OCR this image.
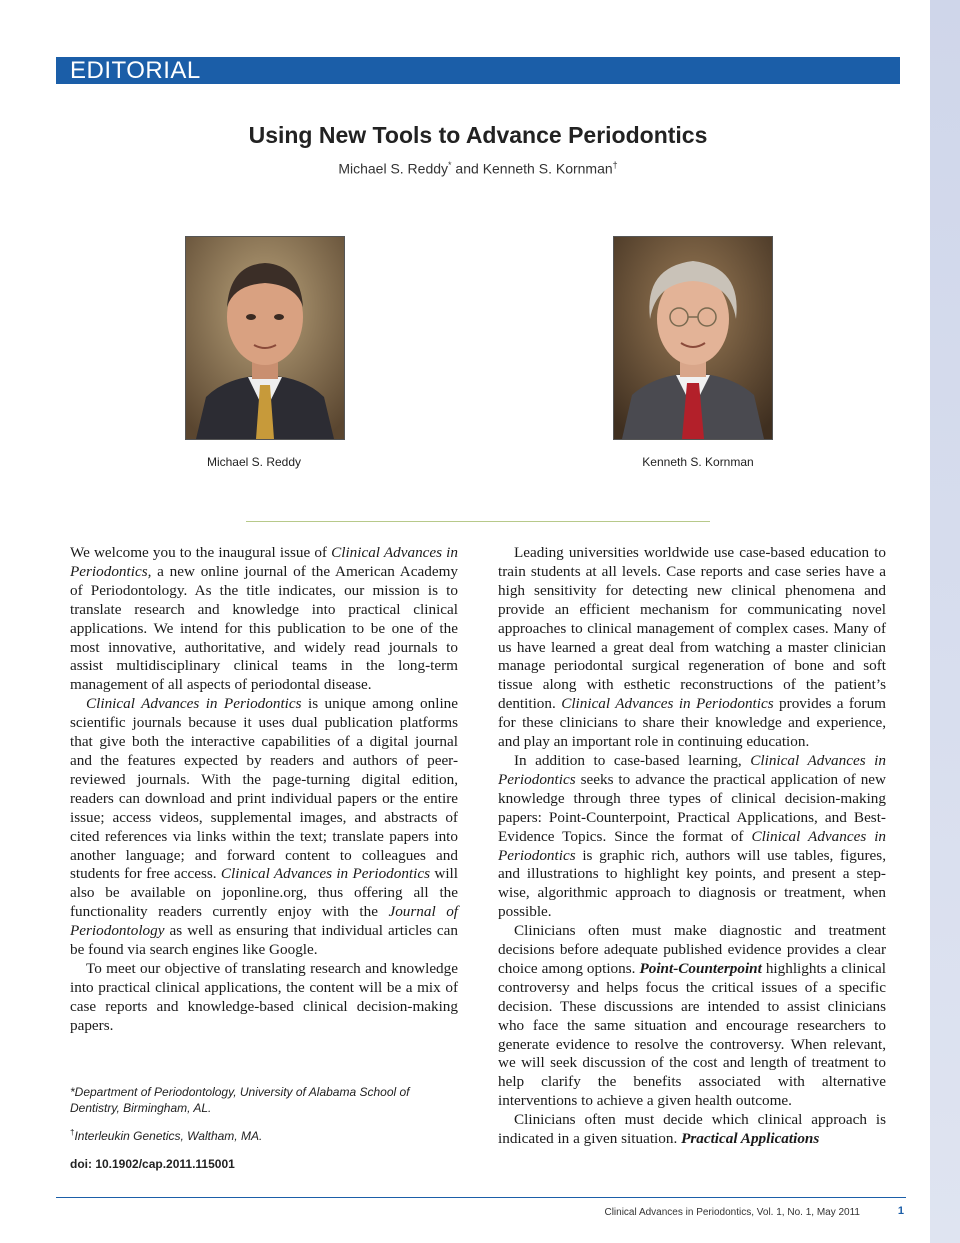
EDITORIAL
Using New Tools to Advance Periodontics
Michael S. Reddy* and Kenneth S. Kornman†
Michael S. Reddy	Kenneth S. Kornman

We welcome you to the inaugural issue of Clinical Advances in Periodontics, a new online journal of the American Academy of Periodontology. As the title indicates, our mission is to translate research and knowledge into practical clinical applications. We intend for this publication to be one of the most innovative, authoritative, and widely read journals to assist multidisciplinary clinical teams in the long-term management of all aspects of periodontal disease.

Clinical Advances in Periodontics is unique among online scientific journals because it uses dual publication platforms that give both the interactive capabilities of a digital journal and the features expected by readers and authors of peer-reviewed journals. With the page-turning digital edition, readers can download and print individual papers or the entire issue; access videos, supplemental images, and abstracts of cited references via links within the text; translate papers into another language; and forward content to colleagues and students for free access. Clinical Advances in Periodontics will also be available on joponline.org, thus offering all the functionality readers currently enjoy with the Journal of Periodontology as well as ensuring that individual articles can be found via search engines like Google.

To meet our objective of translating research and knowledge into practical clinical applications, the content will be a mix of case reports and knowledge-based clinical decision-making papers.

Leading universities worldwide use case-based education to train students at all levels. Case reports and case series have a high sensitivity for detecting new clinical phenomena and provide an efficient mechanism for communicating novel approaches to clinical management of complex cases. Many of us have learned a great deal from watching a master clinician manage periodontal surgical regeneration of bone and soft tissue along with esthetic reconstructions of the patient’s dentition. Clinical Advances in Periodontics provides a forum for these clinicians to share their knowledge and experience, and play an important role in continuing education.

In addition to case-based learning, Clinical Advances in Periodontics seeks to advance the practical application of new knowledge through three types of clinical decision-making papers: Point-Counterpoint, Practical Applications, and Best-Evidence Topics. Since the format of Clinical Advances in Periodontics is graphic rich, authors will use tables, figures, and illustrations to highlight key points, and present a step-wise, algorithmic approach to diagnosis or treatment, when possible.

Clinicians often must make diagnostic and treatment decisions before adequate published evidence provides a clear choice among options. Point-Counterpoint highlights a clinical controversy and helps focus the critical issues of a specific decision. These discussions are intended to assist clinicians who face the same situation and encourage researchers to generate evidence to resolve the controversy. When relevant, we will seek discussion of the cost and length of treatment to help clarify the benefits associated with alternative interventions to achieve a given health outcome.

Clinicians often must decide which clinical approach is indicated in a given situation. Practical Applications

*Department of Periodontology, University of Alabama School of Dentistry, Birmingham, AL.
†Interleukin Genetics, Waltham, MA.
doi: 10.1902/cap.2011.115001
Clinical Advances in Periodontics, Vol. 1, No. 1, May 2011	1
